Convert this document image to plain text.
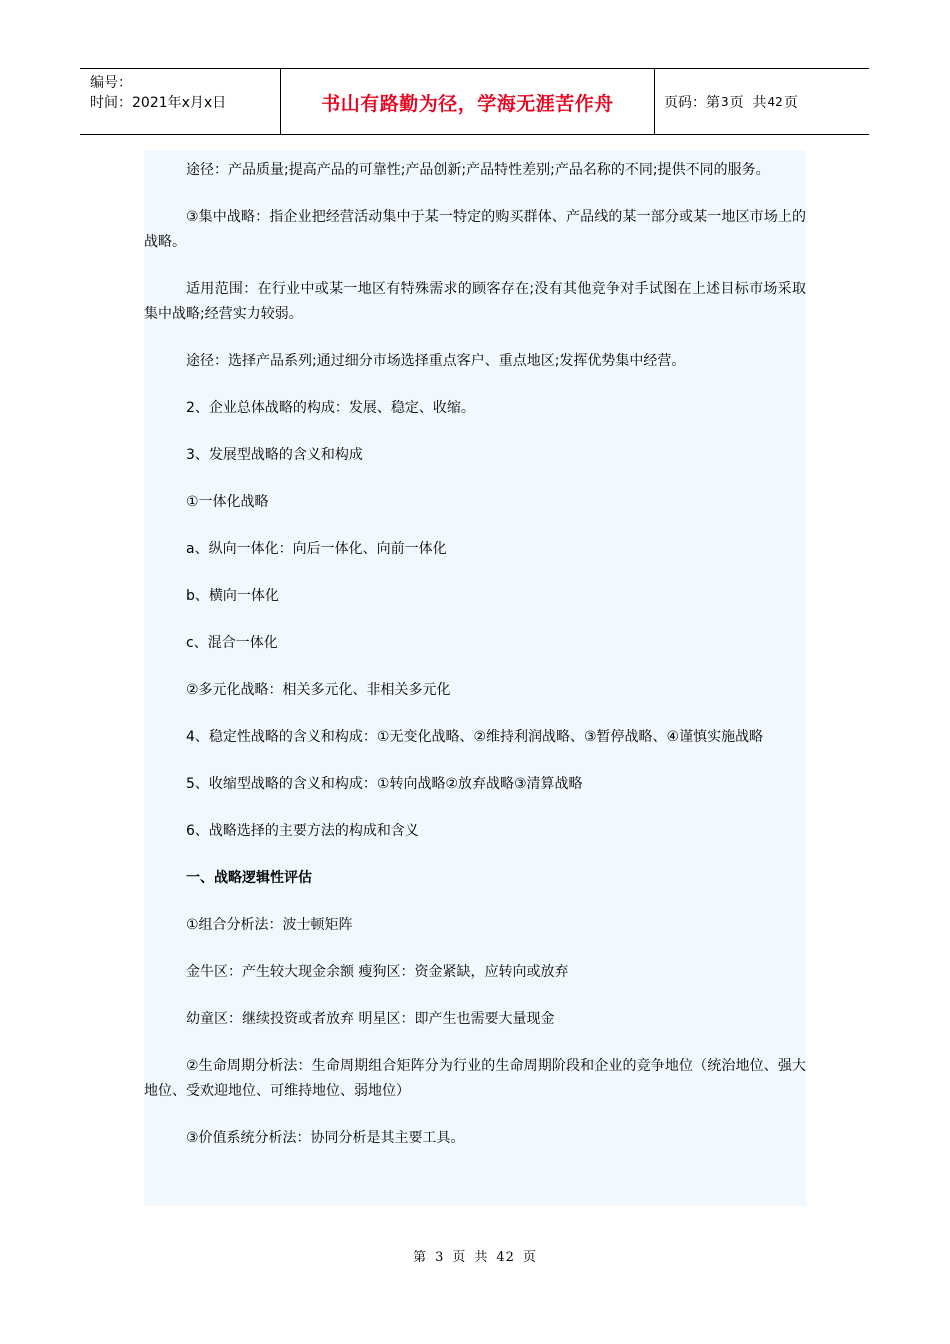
编号：
时间：2021年x月x日	书山有路勤为径，学海无涯苦作舟	页码：第 3 页  共 42 页

途径：产品质量;提高产品的可靠性;产品创新;产品特性差别;产品名称的不同;提供不同的服务。

③集中战略：指企业把经营活动集中于某一特定的购买群体、产品线的某一部分或某一地区市场上的战略。

适用范围：在行业中或某一地区有特殊需求的顾客存在;没有其他竞争对手试图在上述目标市场采取集中战略;经营实力较弱。

途径：选择产品系列;通过细分市场选择重点客户、重点地区;发挥优势集中经营。

2、企业总体战略的构成：发展、稳定、收缩。

3、发展型战略的含义和构成

①一体化战略

a、纵向一体化：向后一体化、向前一体化

b、横向一体化

c、混合一体化

②多元化战略：相关多元化、非相关多元化

4、稳定性战略的含义和构成：①无变化战略、②维持利润战略、③暂停战略、④谨慎实施战略

5、收缩型战略的含义和构成：①转向战略②放弃战略③清算战略

6、战略选择的主要方法的构成和含义

一、战略逻辑性评估

①组合分析法：波士顿矩阵

金牛区：产生较大现金余额 瘦狗区：资金紧缺，应转向或放弃

幼童区：继续投资或者放弃 明星区：即产生也需要大量现金

②生命周期分析法：生命周期组合矩阵分为行业的生命周期阶段和企业的竞争地位（统治地位、强大地位、受欢迎地位、可维持地位、弱地位）

③价值系统分析法：协同分析是其主要工具。

第 3 页 共 42 页
